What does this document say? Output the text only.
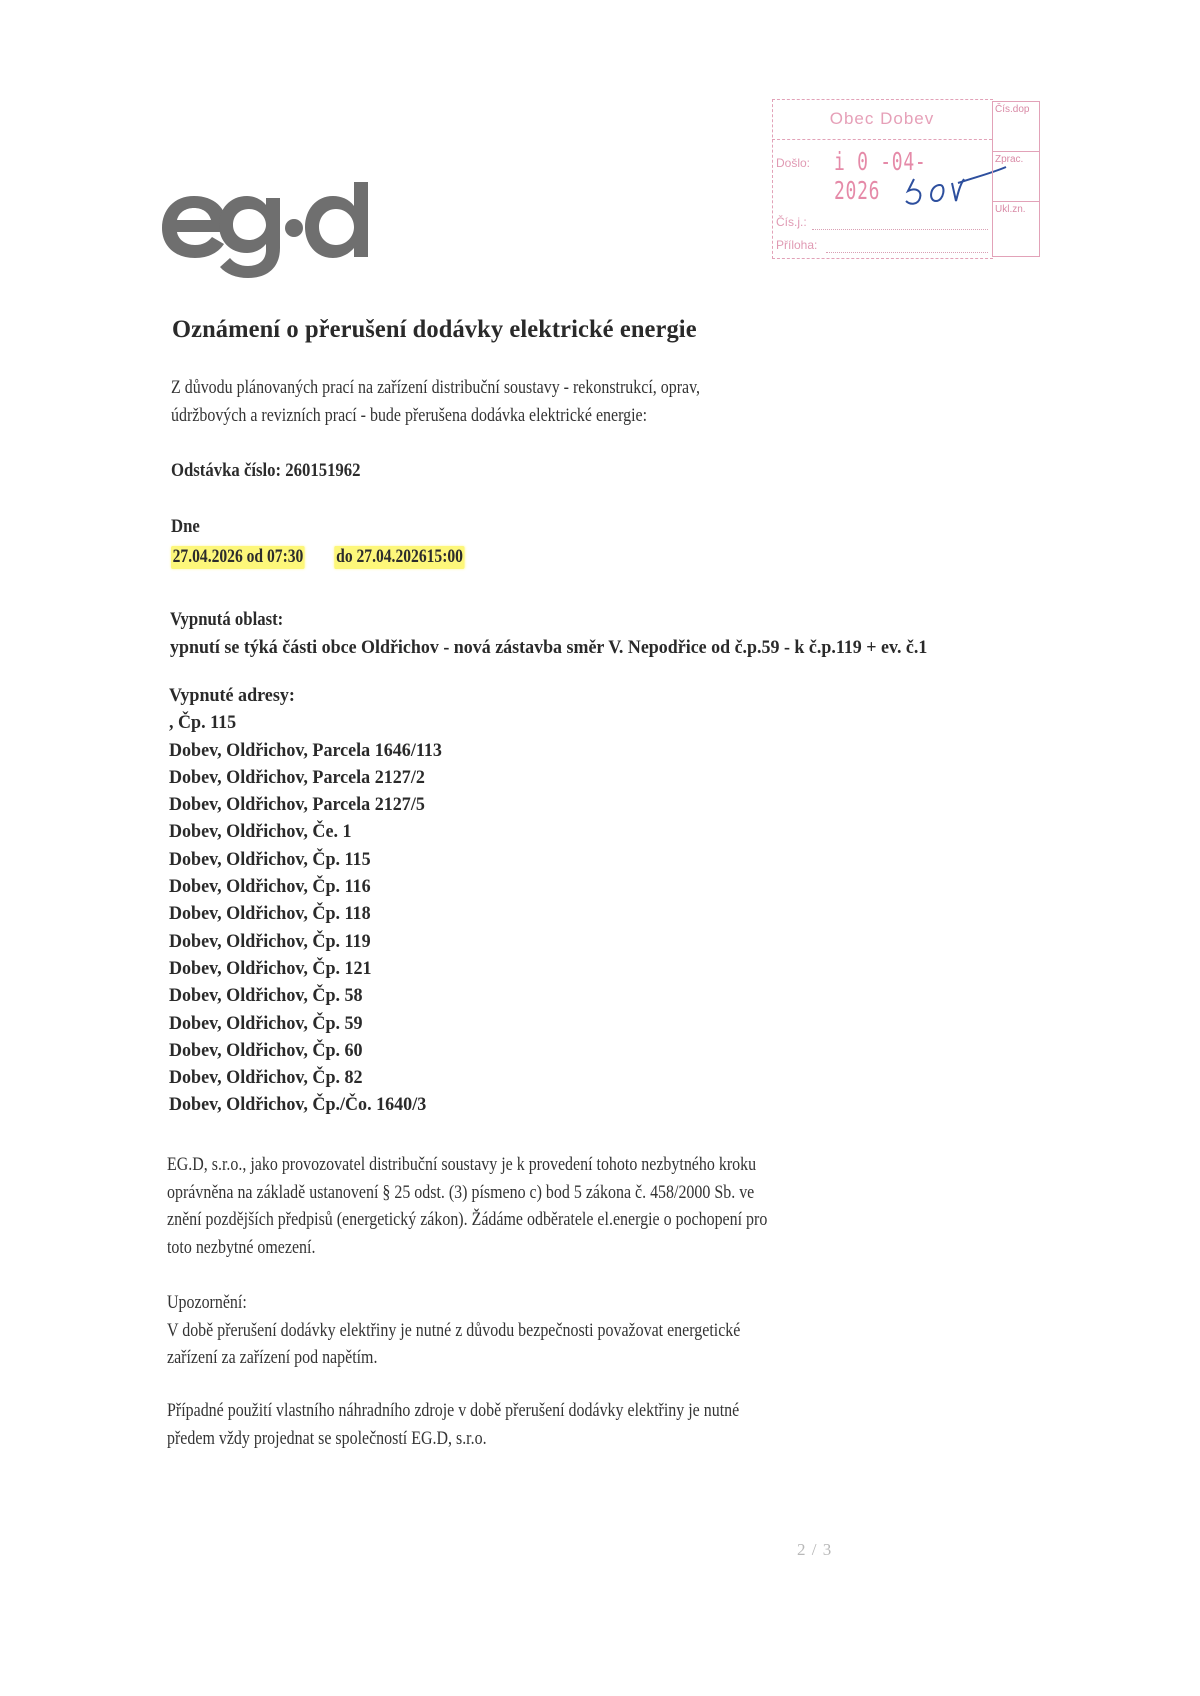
Obec Dobev
Došlo: i 0 -04- 2026
Čís.j.:
Příloha:
Čís.dop
Zprac.
Ukl.zn.
Oznámení o přerušení dodávky elektrické energie
Z důvodu plánovaných prací na zařízení distribuční soustavy - rekonstrukcí, oprav,
údržbových a revizních prací - bude přerušena dodávka elektrické energie:
Odstávka číslo: 260151962
Dne
27.04.2026 od 07:30 do 27.04.202615:00
Vypnutá oblast:
ypnutí se týká části obce Oldřichov - nová zástavba směr V. Nepodřice od č.p.59 - k č.p.119 + ev. č.1
Vypnuté adresy:
, Čp. 115
Dobev, Oldřichov, Parcela 1646/113
Dobev, Oldřichov, Parcela 2127/2
Dobev, Oldřichov, Parcela 2127/5
Dobev, Oldřichov, Če. 1
Dobev, Oldřichov, Čp. 115
Dobev, Oldřichov, Čp. 116
Dobev, Oldřichov, Čp. 118
Dobev, Oldřichov, Čp. 119
Dobev, Oldřichov, Čp. 121
Dobev, Oldřichov, Čp. 58
Dobev, Oldřichov, Čp. 59
Dobev, Oldřichov, Čp. 60
Dobev, Oldřichov, Čp. 82
Dobev, Oldřichov, Čp./Čo. 1640/3
EG.D, s.r.o., jako provozovatel distribuční soustavy je k provedení tohoto nezbytného kroku
oprávněna na základě ustanovení § 25 odst. (3) písmeno c) bod 5 zákona č. 458/2000 Sb. ve
znění pozdějších předpisů (energetický zákon). Žádáme odběratele el.energie o pochopení pro
toto nezbytné omezení.
Upozornění:
V době přerušení dodávky elektřiny je nutné z důvodu bezpečnosti považovat energetické
zařízení za zařízení pod napětím.
Případné použití vlastního náhradního zdroje v době přerušení dodávky elektřiny je nutné
předem vždy projednat se společností EG.D, s.r.o.
2 / 3
